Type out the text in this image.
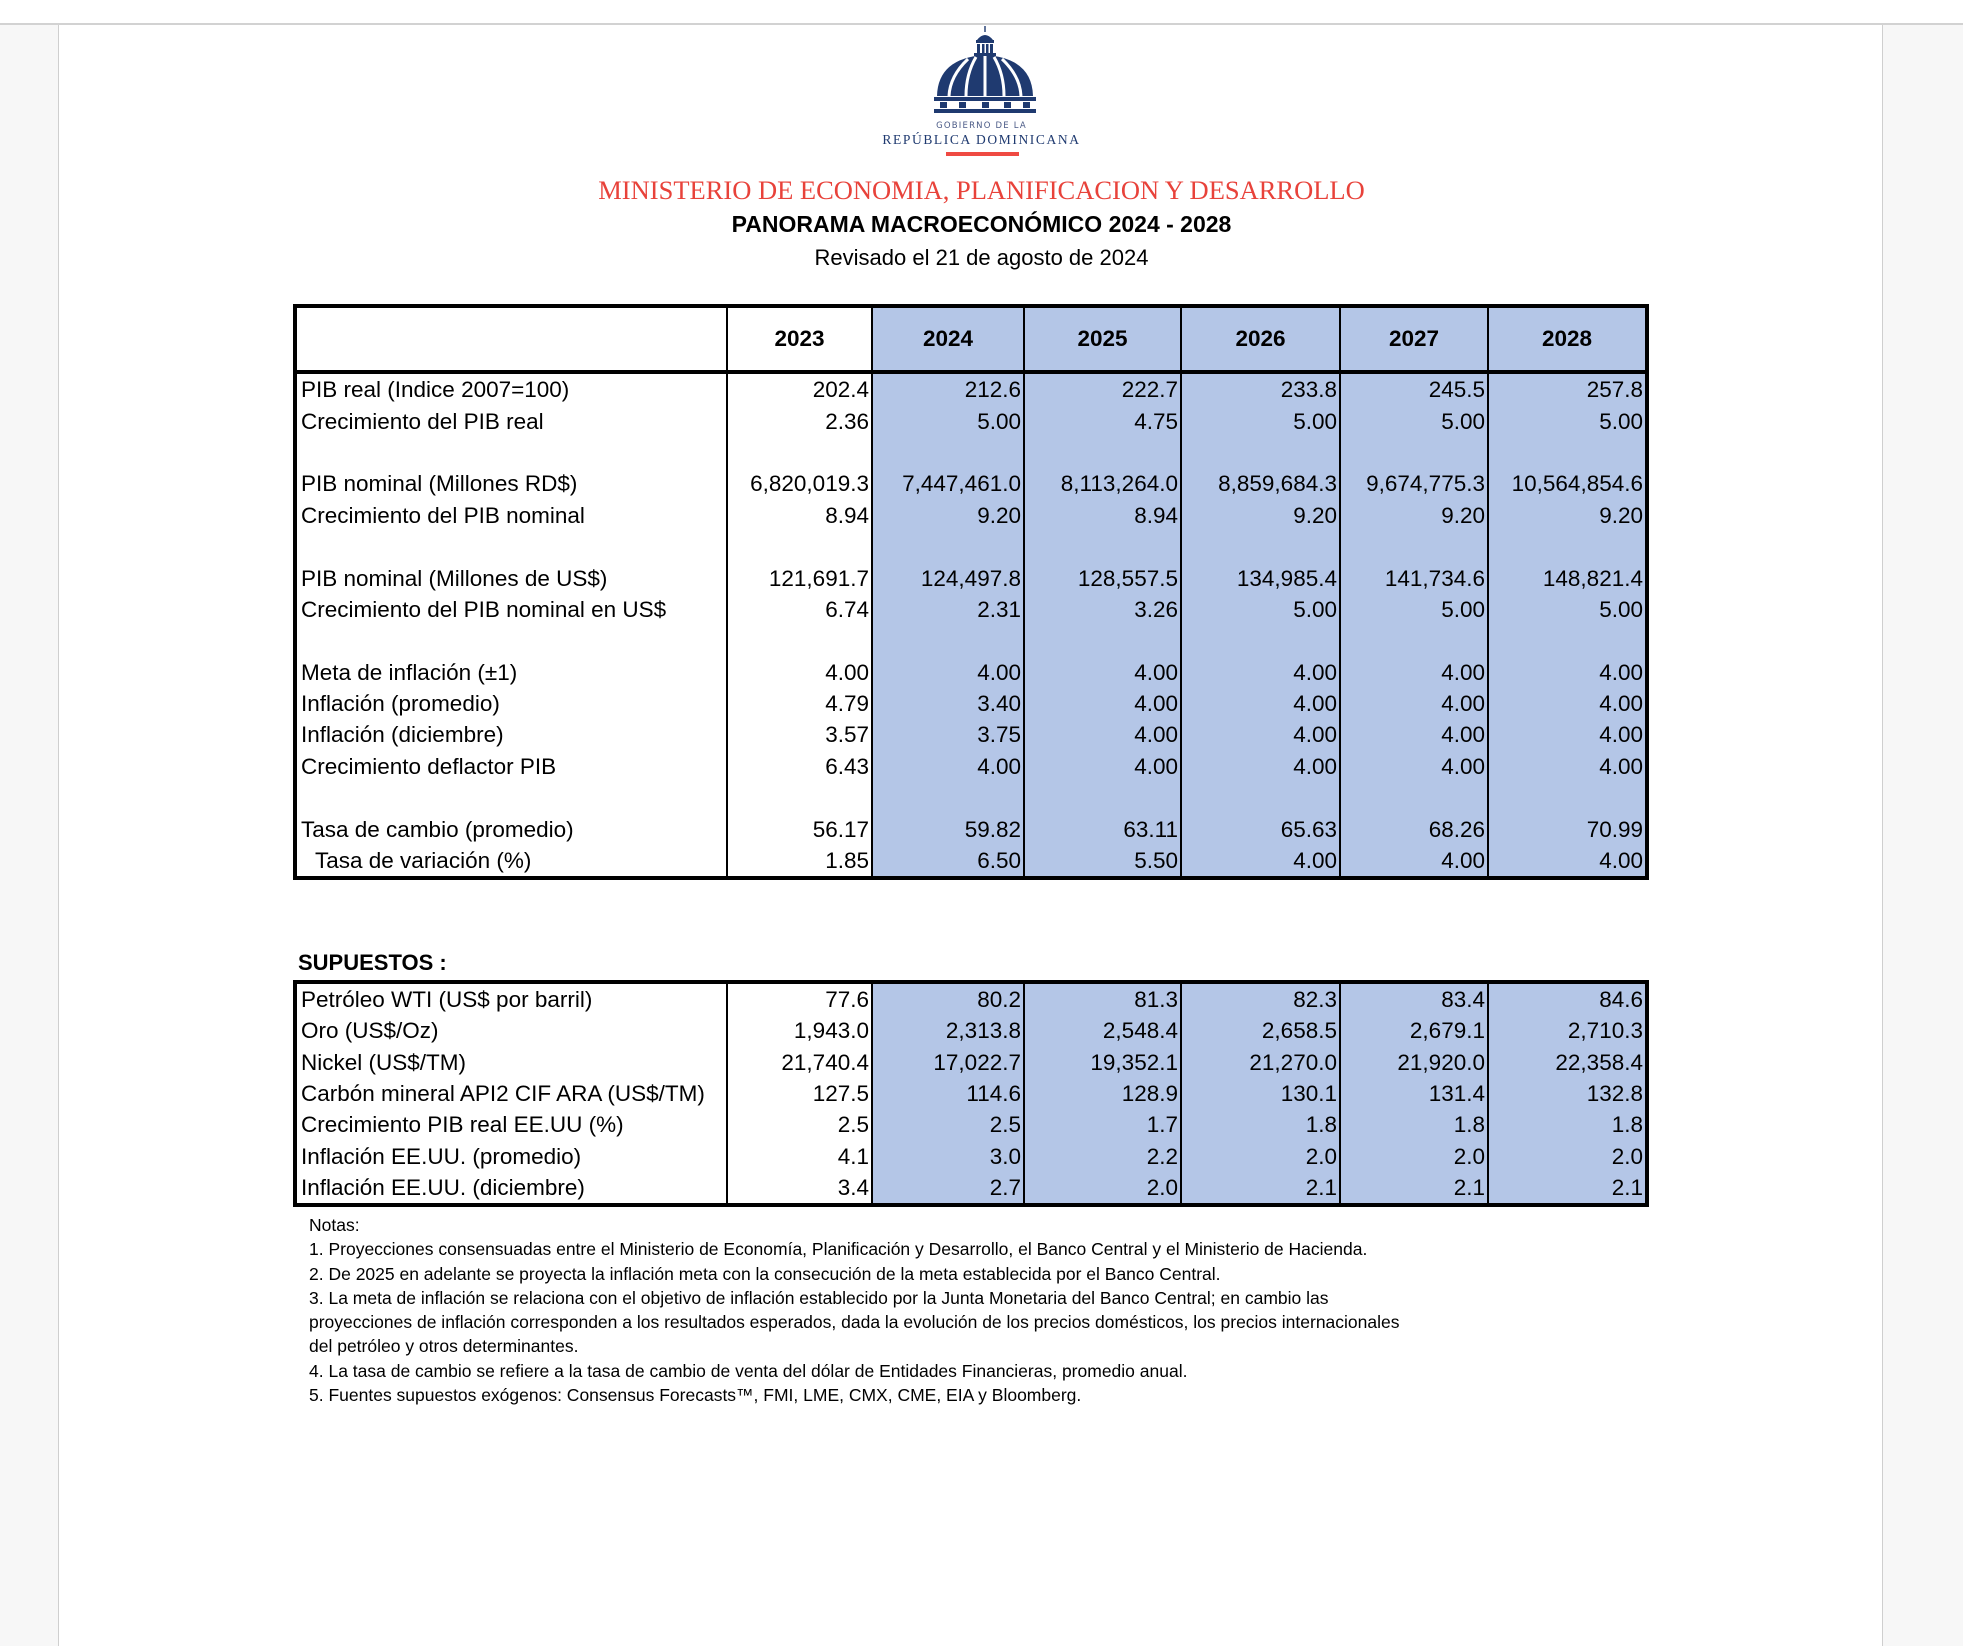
GOBIERNO DE LA
REPÚBLICA DOMINICANA
MINISTERIO DE ECONOMIA, PLANIFICACION Y DESARROLLO
PANORAMA MACROECONÓMICO 2024 - 2028
Revisado el 21 de agosto de 2024
	2023	2024	2025	2026	2027	2028
PIB real (Indice 2007=100)	202.4	212.6	222.7	233.8	245.5	257.8
Crecimiento del PIB real	2.36	5.00	4.75	5.00	5.00	5.00

PIB nominal (Millones RD$)	6,820,019.3	7,447,461.0	8,113,264.0	8,859,684.3	9,674,775.3	10,564,854.6
Crecimiento del PIB nominal	8.94	9.20	8.94	9.20	9.20	9.20

PIB nominal (Millones de US$)	121,691.7	124,497.8	128,557.5	134,985.4	141,734.6	148,821.4
Crecimiento del PIB nominal en US$	6.74	2.31	3.26	5.00	5.00	5.00

Meta de inflación (±1)	4.00	4.00	4.00	4.00	4.00	4.00
Inflación (promedio)	4.79	3.40	4.00	4.00	4.00	4.00
Inflación (diciembre)	3.57	3.75	4.00	4.00	4.00	4.00
Crecimiento deflactor PIB	6.43	4.00	4.00	4.00	4.00	4.00

Tasa de cambio (promedio)	56.17	59.82	63.11	65.63	68.26	70.99
Tasa de variación (%)	1.85	6.50	5.50	4.00	4.00	4.00
SUPUESTOS :
Petróleo WTI (US$ por barril)	77.6	80.2	81.3	82.3	83.4	84.6
Oro (US$/Oz)	1,943.0	2,313.8	2,548.4	2,658.5	2,679.1	2,710.3
Nickel (US$/TM)	21,740.4	17,022.7	19,352.1	21,270.0	21,920.0	22,358.4
Carbón mineral API2 CIF ARA (US$/TM)	127.5	114.6	128.9	130.1	131.4	132.8
Crecimiento PIB real EE.UU (%)	2.5	2.5	1.7	1.8	1.8	1.8
Inflación EE.UU. (promedio)	4.1	3.0	2.2	2.0	2.0	2.0
Inflación EE.UU. (diciembre)	3.4	2.7	2.0	2.1	2.1	2.1
Notas:
1. Proyecciones consensuadas entre el Ministerio de Economía, Planificación y Desarrollo, el Banco Central y el Ministerio de Hacienda.
2. De 2025 en adelante se proyecta la inflación meta con la consecución de la meta establecida por el Banco Central.
3. La meta de inflación se relaciona con el objetivo de inflación establecido por la Junta Monetaria del Banco Central; en cambio las
proyecciones de inflación corresponden a los resultados esperados, dada la evolución de los precios domésticos, los precios internacionales
del petróleo y otros determinantes.
4. La tasa de cambio se refiere a la tasa de cambio de venta del dólar de Entidades Financieras, promedio anual.
5. Fuentes supuestos exógenos: Consensus Forecasts™, FMI, LME, CMX, CME, EIA y Bloomberg.
